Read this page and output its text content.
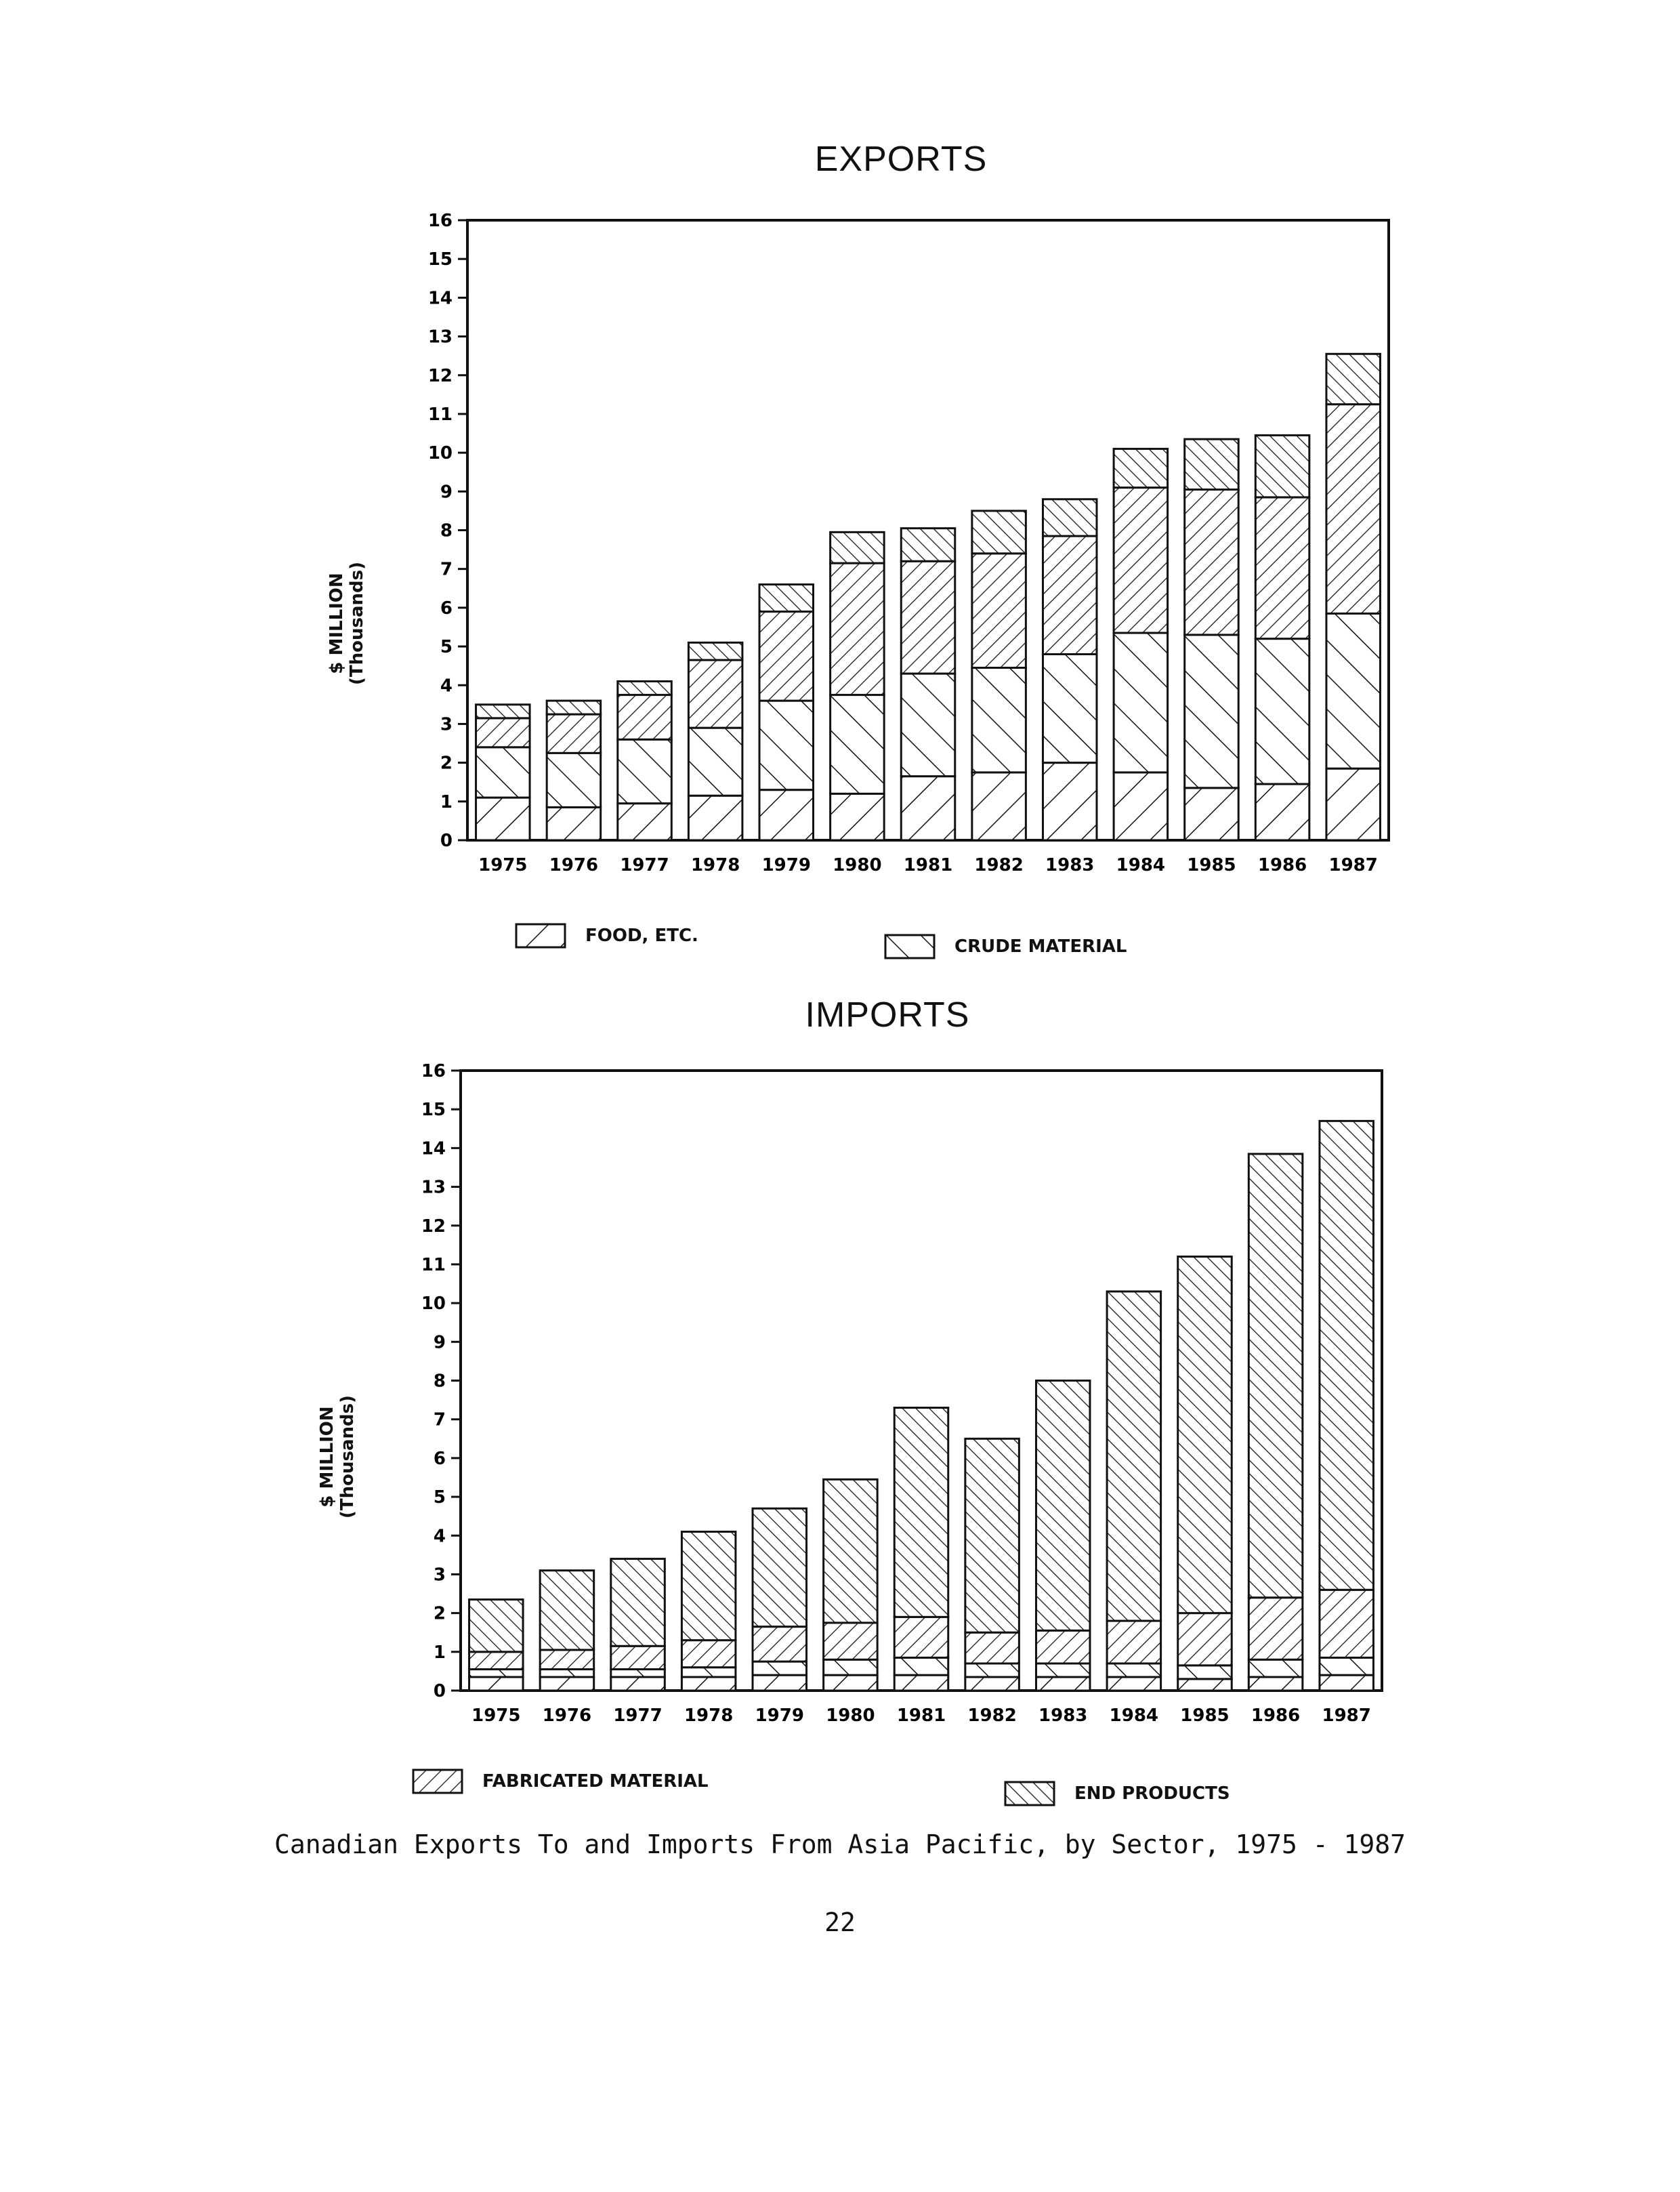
EXPORTS
$ MILLION (Thousands)
0
1
2
3
4
5
6
7
8
9
10
11
12
13
14
15
16
1975 1976 1977 1978 1979 1980 1981 1982 1983 1984 1985 1986 1987
FOOD, ETC.
CRUDE MATERIAL
IMPORTS
$ MILLION (Thousands)
0
1
2
3
4
5
6
7
8
9
10
11
12
13
14
15
16
1975 1976 1977 1978 1979 1980 1981 1982 1983 1984 1985 1986 1987
FABRICATED MATERIAL
END PRODUCTS
Canadian Exports To and Imports From Asia Pacific, by Sector, 1975 - 1987
22
